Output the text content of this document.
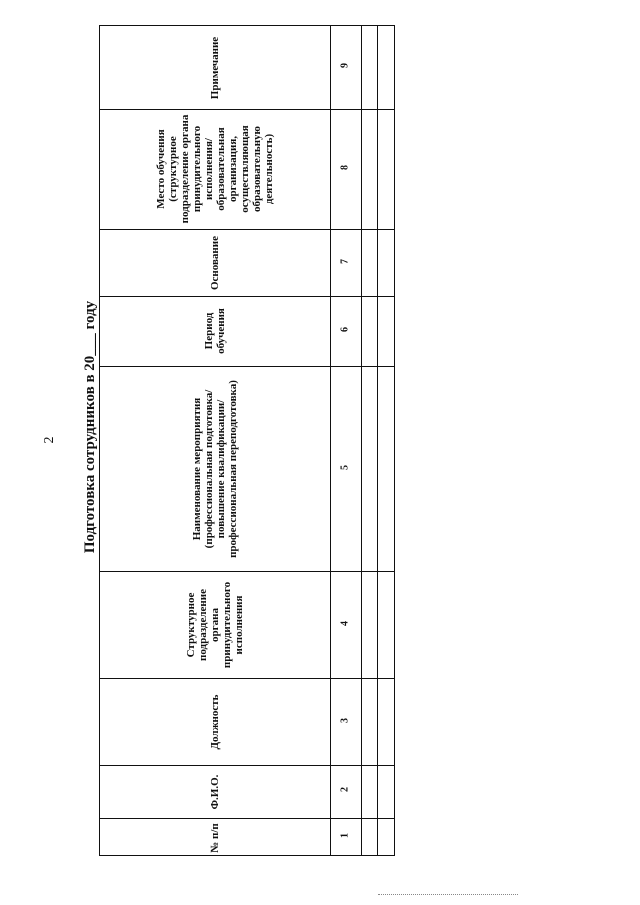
2 Подготовка сотрудников в 20___ году
Примечание
Место обучения (структурное подразделение органа принудительного исполнения/ образовательная организация, осуществляющая образовательную деятельность)
Основание
Период обучения
Наименование мероприятия (профессиональная подготовка/повышение квалификации/профессиональная переподготовка)
Структурное подразделение органа принудительного исполнения
Должность
Ф.И.О.
№ п/п
9
8
7
6
5
4
3
2
1
